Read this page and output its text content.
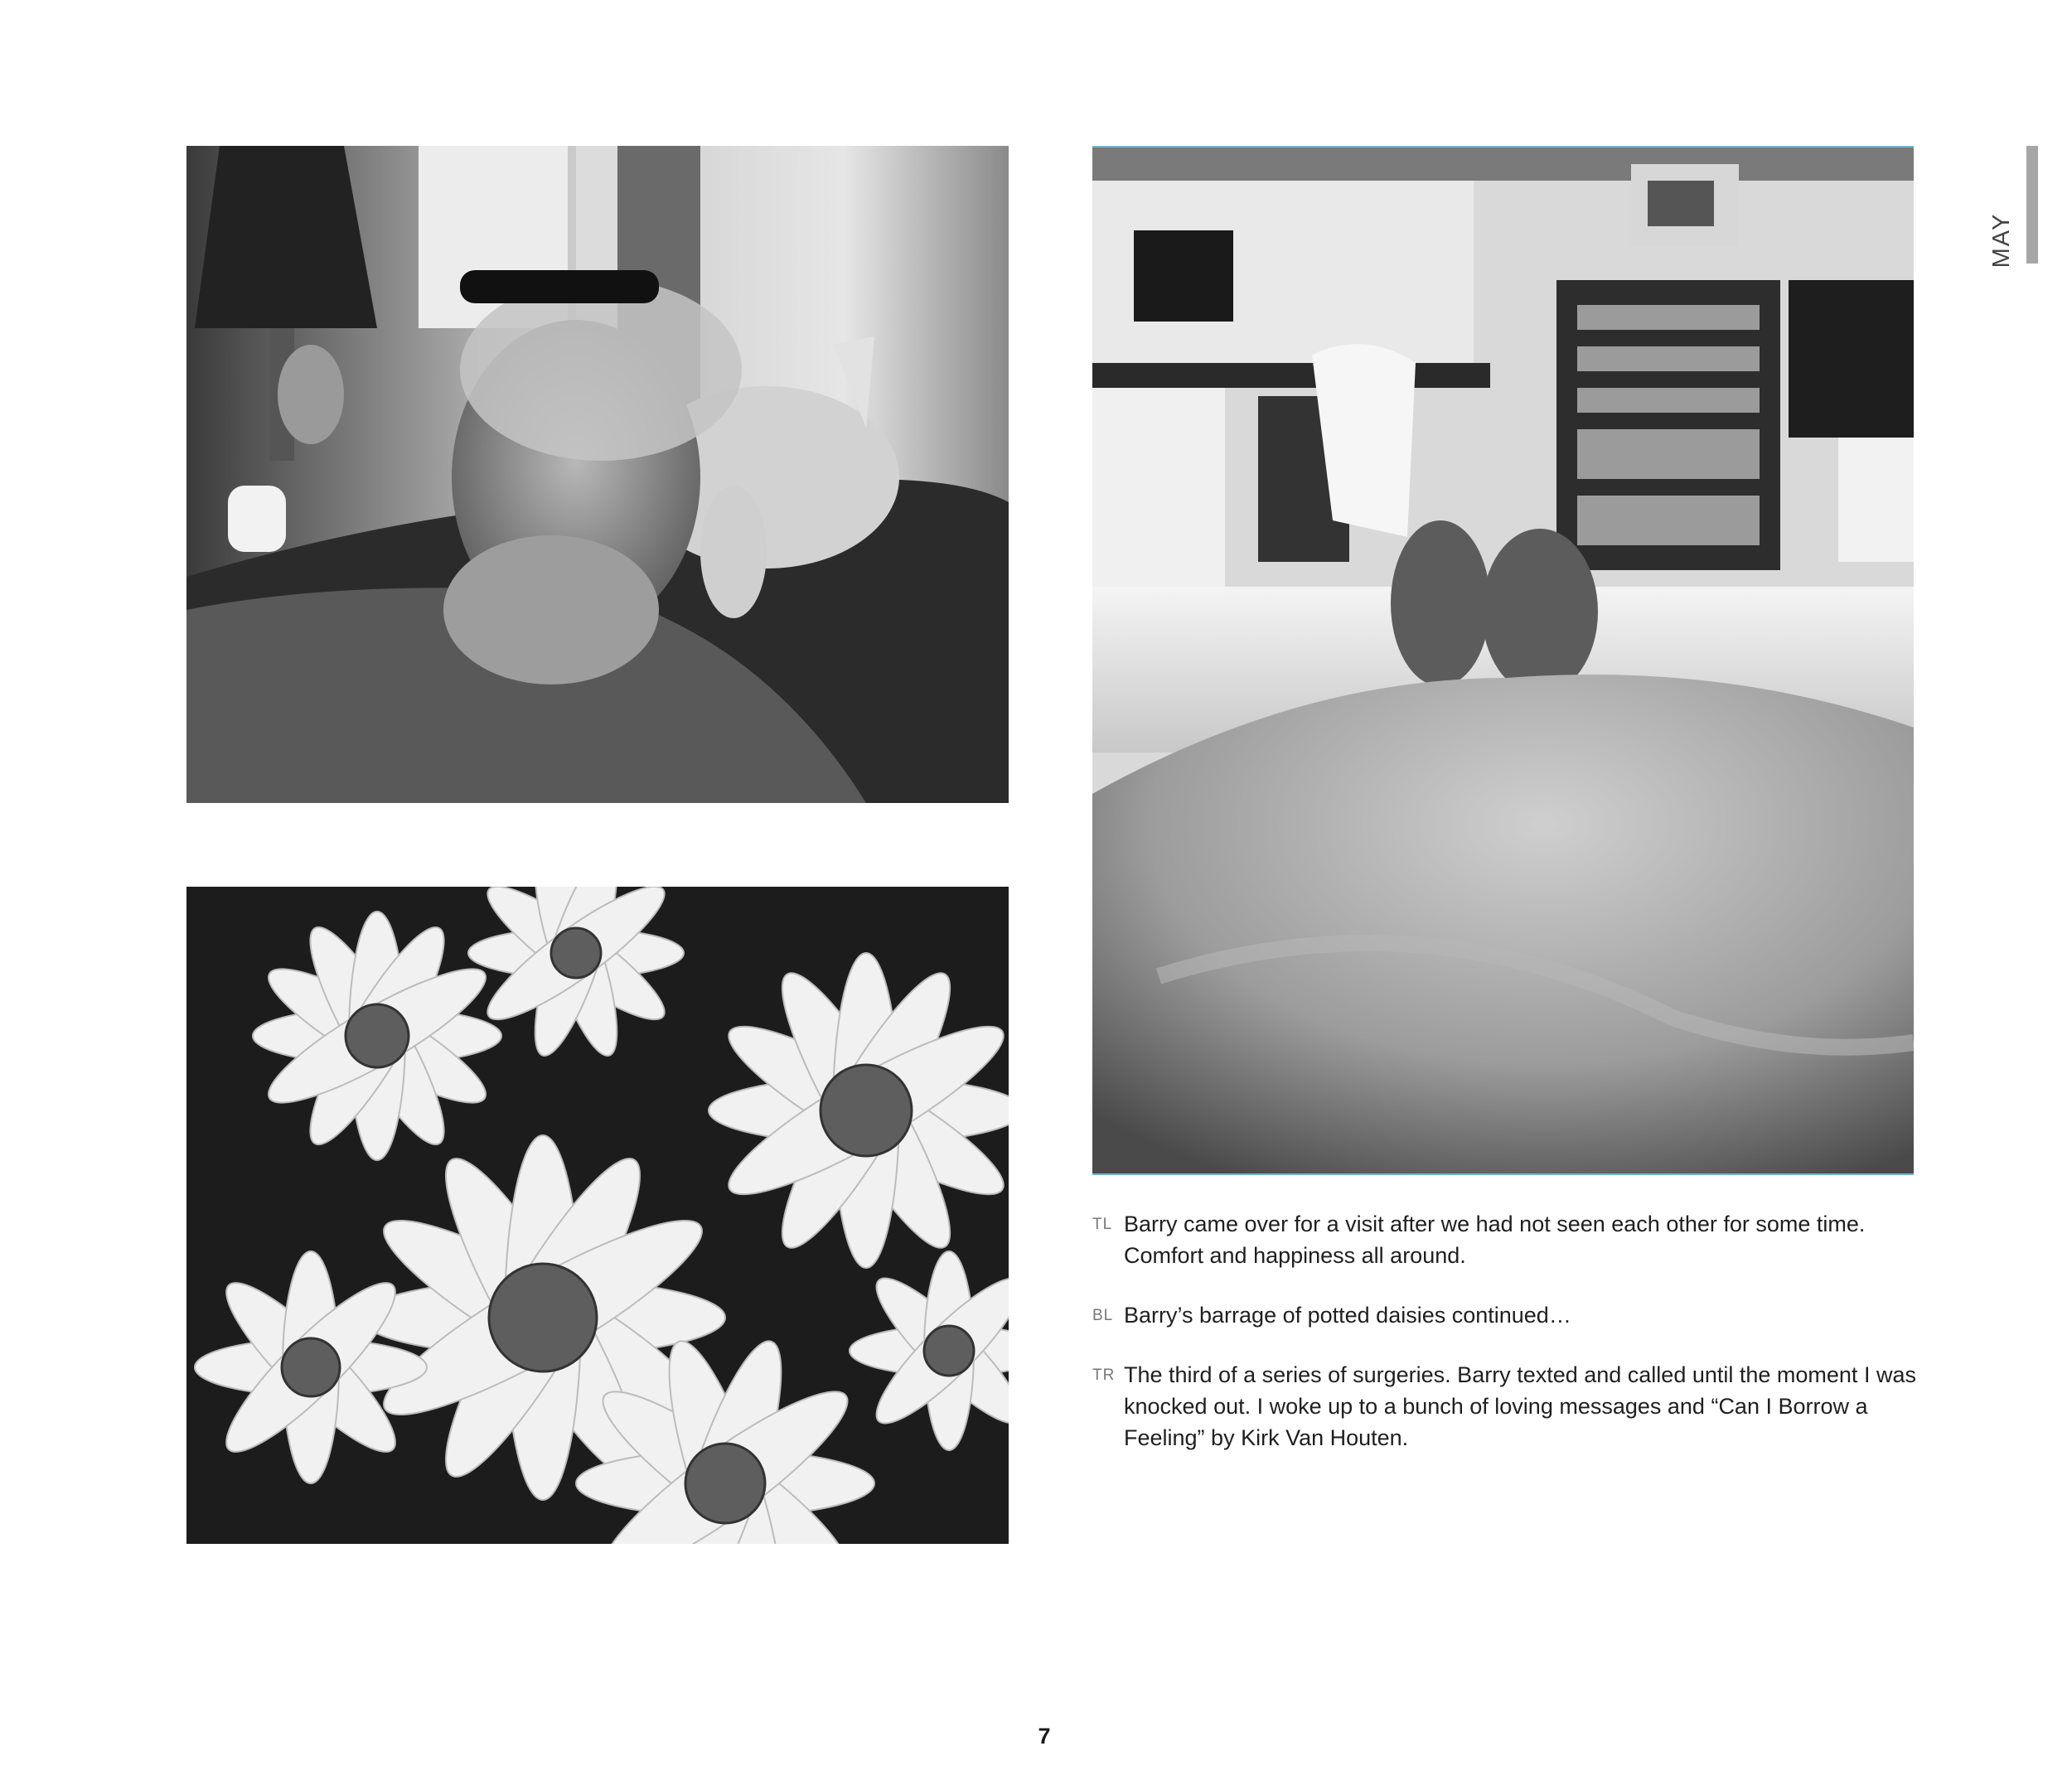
MAY
TL Barry came over for a visit after we had not seen each other for some time. Comfort and happiness all around.
BL Barry’s barrage of potted daisies continued…
TR The third of a series of surgeries. Barry texted and called until the moment I was knocked out. I woke up to a bunch of loving messages and “Can I Borrow a Feeling” by Kirk Van Houten.
7
